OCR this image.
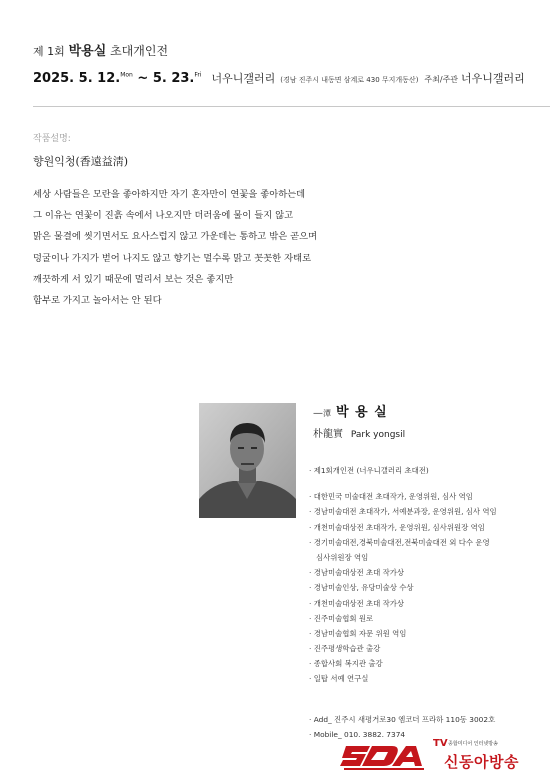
제 1회 박용실 초대개인전
2025. 5. 12.$^{Mon}$ ~ 5. 23.$^{Fri}$ 너우니갤러리 (경남 진주시 내동면 삼계로 430 무지개동산) 주최/주관 너우니갤러리
작품설명:
향원익청(香遠益淸)
세상 사람들은 모란을 좋아하지만 자기 혼자만이 연꽃을 좋아하는데
그 이유는 연꽃이 진흙 속에서 나오지만 더러움에 물이 들지 않고
맑은 물결에 씻기면서도 요사스럽지 않고 가운데는 통하고 밖은 곧으며
덩굴이나 가지가 벋어 나지도 않고 향기는 멀수록 맑고 꼿꼿한 자태로
깨끗하게 서 있기 때문에 멀리서 보는 것은 좋지만
함부로 가지고 놀아서는 안 된다
— 潭 박 용 실
朴龍實 Park yongsil
· 제1회개인전 (너우니갤러리 초대전)
· 대한민국 미술대전 초대작가, 운영위원, 심사 역임
· 경남미술대전 초대작가, 서예분과장, 운영위원, 심사 역임
· 개천미술대상전 초대작가, 운영위원, 심사위원장 역임
· 경기미술대전,경북미술대전,전북미술대전 외 다수 운영
심사위원장 역임
· 경남미술대상전 초대 작가상
· 경남미술인상, 유당미술상 수상
· 개천미술대상전 초대 작가상
· 진주미술협회 원로
· 경남미술협회 자문 위원 역임
· 진주평생학습관 출강
· 종합사회 복지관 출강
· 일탑 서예 연구실
· Add_ 진주시 새평거로30 엠코더 프라하 110동 3002호
· Mobile_ 010. 3882. 7374
TV 종합미디어 인터넷방송
신동아방송
